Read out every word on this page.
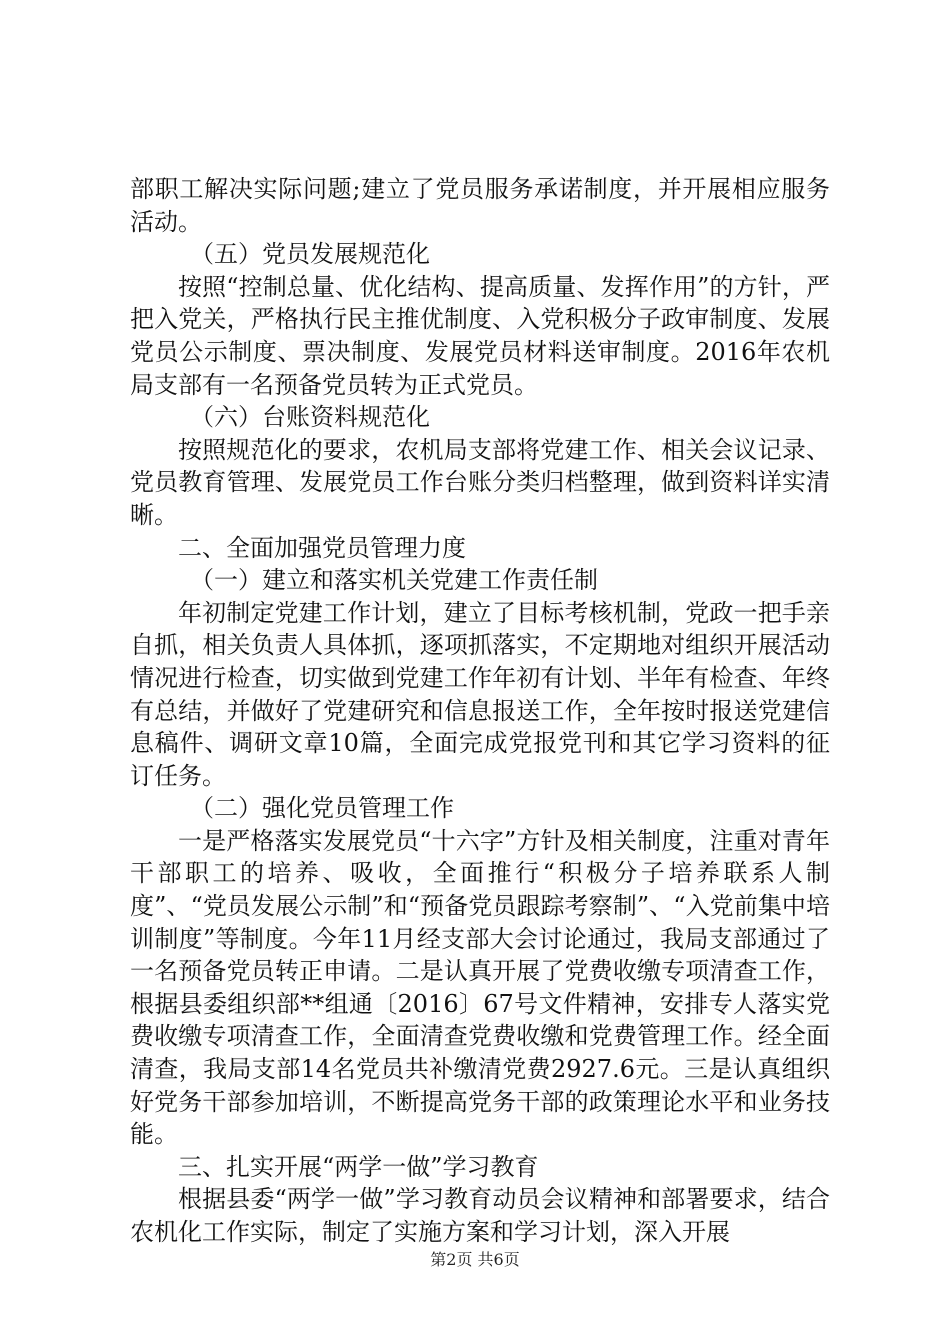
部职工解决实际问题;建立了党员服务承诺制度，并开展相应服务活动。

（五）党员发展规范化

按照“控制总量、优化结构、提高质量、发挥作用”的方针，严把入党关，严格执行民主推优制度、入党积极分子政审制度、发展党员公示制度、票决制度、发展党员材料送审制度。2016年农机局支部有一名预备党员转为正式党员。

（六）台账资料规范化

按照规范化的要求，农机局支部将党建工作、相关会议记录、党员教育管理、发展党员工作台账分类归档整理，做到资料详实清晰。

二、全面加强党员管理力度

（一）建立和落实机关党建工作责任制

年初制定党建工作计划，建立了目标考核机制，党政一把手亲自抓，相关负责人具体抓，逐项抓落实，不定期地对组织开展活动情况进行检查，切实做到党建工作年初有计划、半年有检查、年终有总结，并做好了党建研究和信息报送工作，全年按时报送党建信息稿件、调研文章10篇，全面完成党报党刊和其它学习资料的征订任务。

（二）强化党员管理工作

一是严格落实发展党员“十六字”方针及相关制度，注重对青年干部职工的培养、吸收，全面推行“积极分子培养联系人制度”、“党员发展公示制”和“预备党员跟踪考察制”、“入党前集中培训制度”等制度。今年11月经支部大会讨论通过，我局支部通过了一名预备党员转正申请。二是认真开展了党费收缴专项清查工作，根据县委组织部**组通〔2016〕67号文件精神，安排专人落实党费收缴专项清查工作，全面清查党费收缴和党费管理工作。经全面清查，我局支部14名党员共补缴清党费2927.6元。三是认真组织好党务干部参加培训，不断提高党务干部的政策理论水平和业务技能。

三、扎实开展“两学一做”学习教育

根据县委“两学一做”学习教育动员会议精神和部署要求，结合农机化工作实际，制定了实施方案和学习计划，深入开展

第2页 共6页
